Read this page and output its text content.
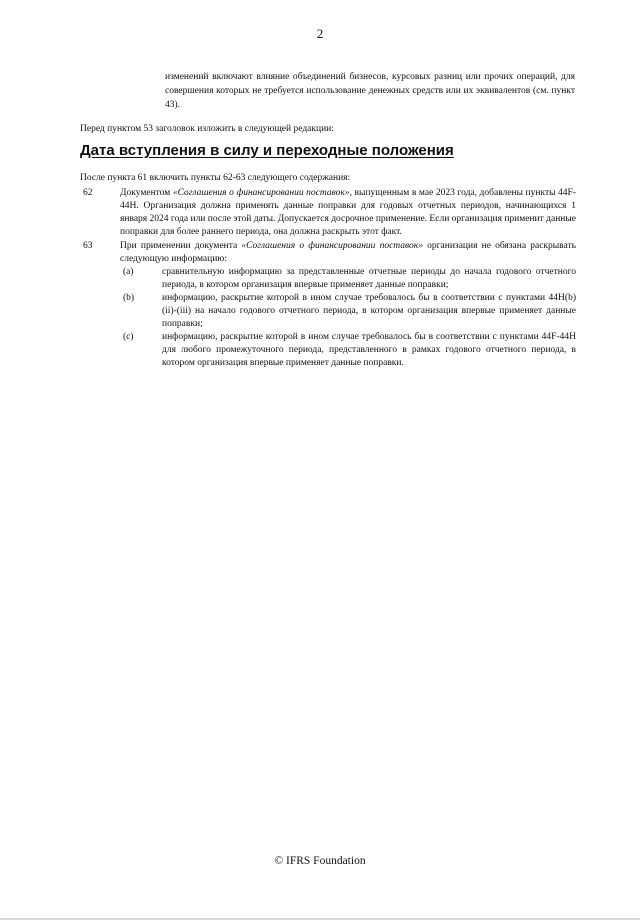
2
изменений включают влияние объединений бизнесов, курсовых разниц или прочих операций, для совершения которых не требуется использование денежных средств или их эквивалентов (см. пункт 43).
Перед пунктом 53 заголовок изложить в следующей редакции:
Дата вступления в силу и переходные положения
После пункта 61 включить пункты 62-63 следующего содержания:
62	Документом «Соглашения о финансировании поставок», выпущенным в мае 2023 года, добавлены пункты 44F-44H. Организация должна применять данные поправки для годовых отчетных периодов, начинающихся 1 января 2024 года или после этой даты. Допускается досрочное применение. Если организация применит данные поправки для более раннего периода, она должна раскрыть этот факт.
63	При применении документа «Соглашения о финансировании поставок» организация не обязана раскрывать следующую информацию:
(a)	сравнительную информацию за представленные отчетные периоды до начала годового отчетного периода, в котором организация впервые применяет данные поправки;
(b)	информацию, раскрытие которой в ином случае требовалось бы в соответствии с пунктами 44H(b)(ii)-(iii) на начало годового отчетного периода, в котором организация впервые применяет данные поправки;
(c)	информацию, раскрытие которой в ином случае требовалось бы в соответствии с пунктами 44F-44H для любого промежуточного периода, представленного в рамках годового отчетного периода, в котором организация впервые применяет данные поправки.
© IFRS Foundation
